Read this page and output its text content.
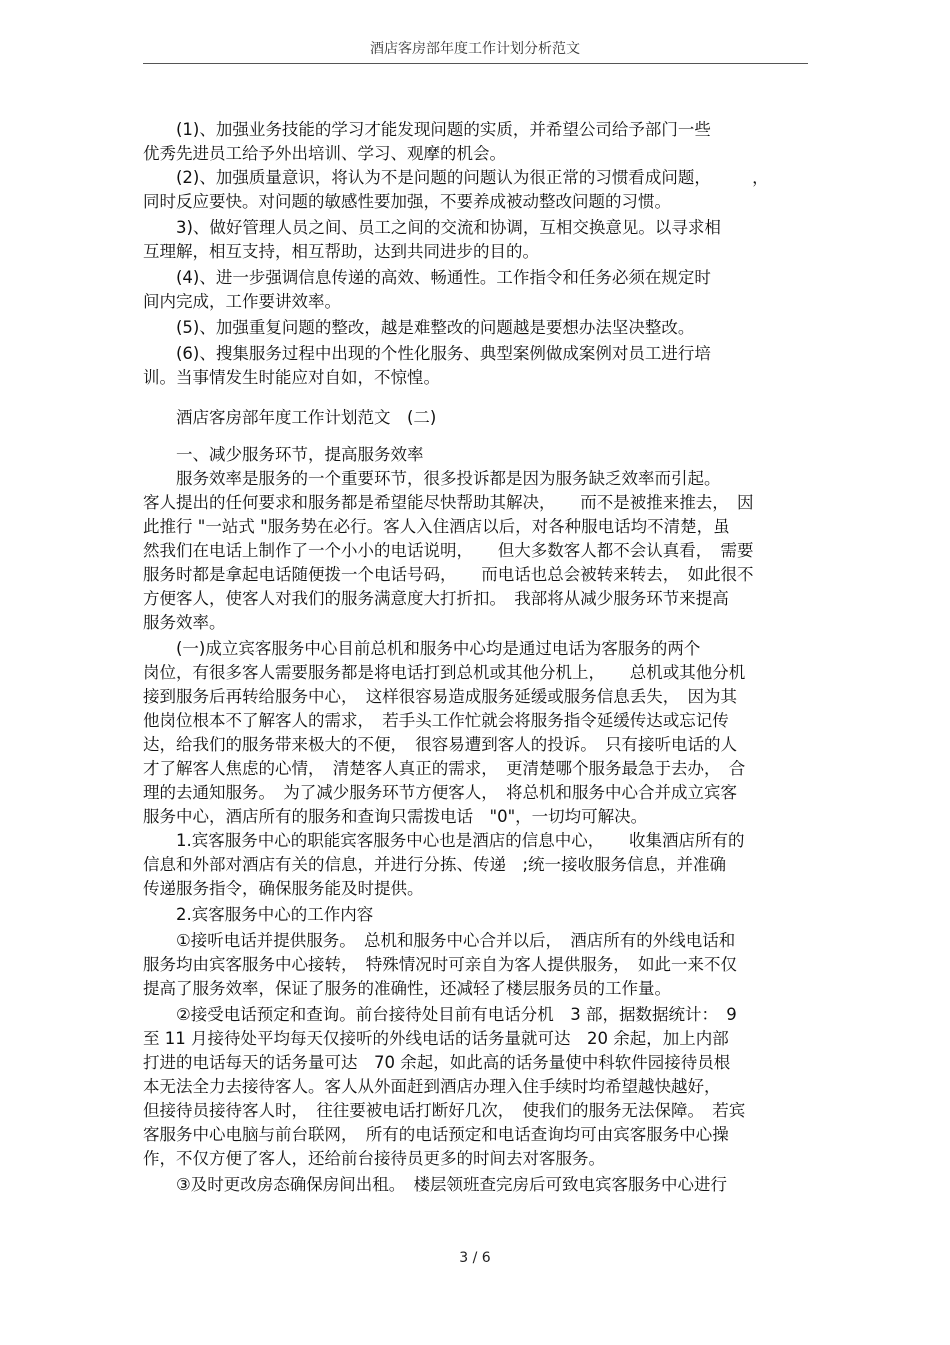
酒店客房部年度工作计划分析范文
　　(1)、加强业务技能的学习才能发现问题的实质，并希望公司给予部门一些
优秀先进员工给予外出培训、学习、观摩的机会。
　　(2)、加强质量意识，将认为不是问题的问题认为很正常的习惯看成问题，　　　，
同时反应要快。对问题的敏感性要加强，不要养成被动整改问题的习惯。
　　3)、做好管理人员之间、员工之间的交流和协调，互相交换意见。以寻求相
互理解，相互支持，相互帮助，达到共同进步的目的。
　　(4)、进一步强调信息传递的高效、畅通性。工作指令和任务必须在规定时
间内完成，工作要讲效率。
　　(5)、加强重复问题的整改，越是难整改的问题越是要想办法坚决整改。
　　(6)、搜集服务过程中出现的个性化服务、典型案例做成案例对员工进行培
训。当事情发生时能应对自如，不惊惶。
　　酒店客房部年度工作计划范文　(二)
　　一、减少服务环节，提高服务效率
　　服务效率是服务的一个重要环节，很多投诉都是因为服务缺乏效率而引起。
客人提出的任何要求和服务都是希望能尽快帮助其解决，　　而不是被推来推去，　因
此推行 "一站式 "服务势在必行。客人入住酒店以后，对各种服电话均不清楚，虽
然我们在电话上制作了一个小小的电话说明，　　但大多数客人都不会认真看，　需要
服务时都是拿起电话随便拨一个电话号码，　　而电话也总会被转来转去，　如此很不
方便客人，使客人对我们的服务满意度大打折扣。　我部将从减少服务环节来提高
服务效率。
　　(一)成立宾客服务中心目前总机和服务中心均是通过电话为客服务的两个
岗位，有很多客人需要服务都是将电话打到总机或其他分机上，　　总机或其他分机
接到服务后再转给服务中心，　这样很容易造成服务延缓或服务信息丢失，　因为其
他岗位根本不了解客人的需求，　若手头工作忙就会将服务指令延缓传达或忘记传
达，给我们的服务带来极大的不便，　很容易遭到客人的投诉。　只有接听电话的人
才了解客人焦虑的心情，　清楚客人真正的需求，　更清楚哪个服务最急于去办，　合
理的去通知服务。　为了减少服务环节方便客人，　将总机和服务中心合并成立宾客
服务中心，酒店所有的服务和查询只需拨电话　"0"，一切均可解决。
　　1.宾客服务中心的职能宾客服务中心也是酒店的信息中心，　　收集酒店所有的
信息和外部对酒店有关的信息，并进行分拣、传递　;统一接收服务信息，并准确
传递服务指令，确保服务能及时提供。
　　2.宾客服务中心的工作内容
　　①接听电话并提供服务。　总机和服务中心合并以后，　酒店所有的外线电话和
服务均由宾客服务中心接转，　特殊情况时可亲自为客人提供服务，　如此一来不仅
提高了服务效率，保证了服务的准确性，还减轻了楼层服务员的工作量。
　　②接受电话预定和查询。前台接待处目前有电话分机　3 部，据数据统计：　9
至 11 月接待处平均每天仅接听的外线电话的话务量就可达　20 余起，加上内部
打进的电话每天的话务量可达　70 余起，如此高的话务量使中科软件园接待员根
本无法全力去接待客人。客人从外面赶到酒店办理入住手续时均希望越快越好，
但接待员接待客人时，　往往要被电话打断好几次，　使我们的服务无法保障。　若宾
客服务中心电脑与前台联网，　所有的电话预定和电话查询均可由宾客服务中心操
作，不仅方便了客人，还给前台接待员更多的时间去对客服务。
　　③及时更改房态确保房间出租。　楼层领班查完房后可致电宾客服务中心进行
3 / 6
